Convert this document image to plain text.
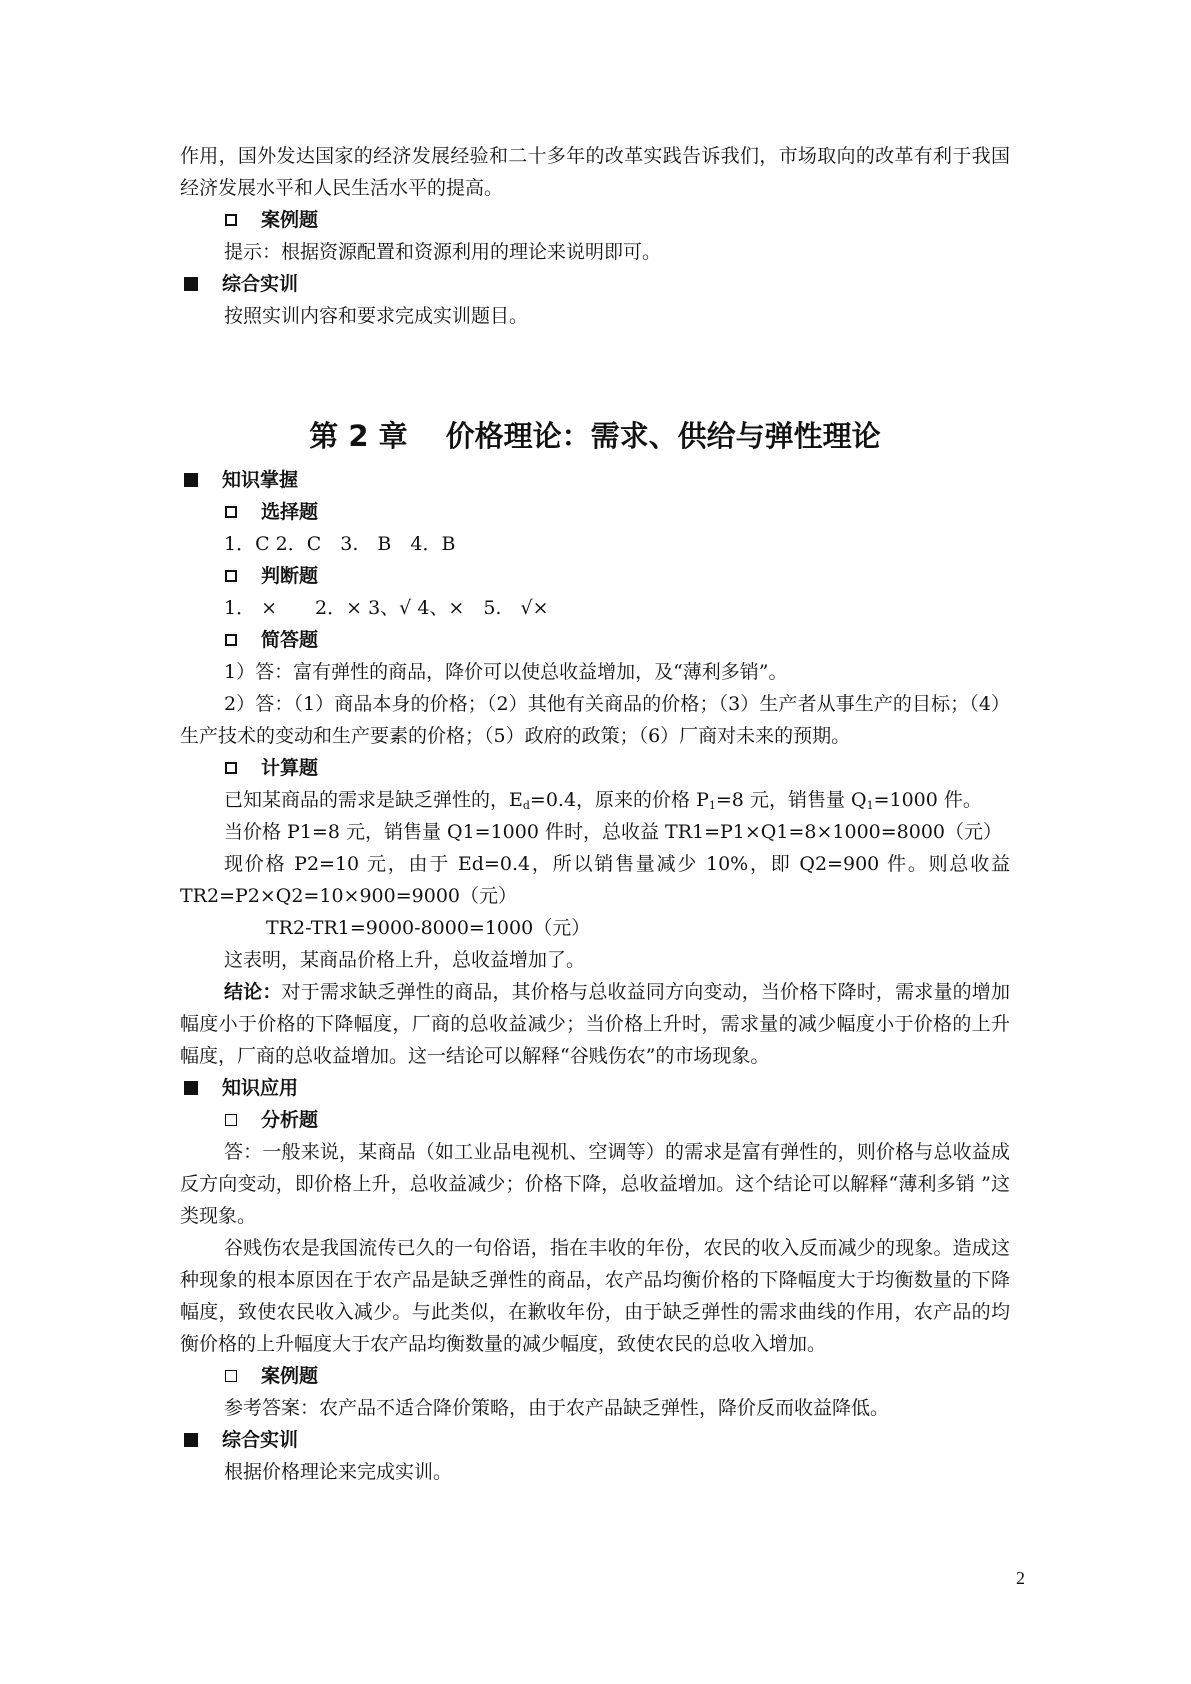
作用，国外发达国家的经济发展经验和二十多年的改革实践告诉我们，市场取向的改革有利于我国经济发展水平和人民生活水平的提高。

案例题

提示：根据资源配置和资源利用的理论来说明即可。

综合实训

按照实训内容和要求完成实训题目。

第 2 章 价格理论：需求、供给与弹性理论
知识掌握
选择题

1．C 2．C　3.　B　4．B

判断题

1． ×　　2．× 3、√ 4、×　5.　√×

简答题

1）答：富有弹性的商品，降价可以使总收益增加，及“薄利多销”。

2）答：（1）商品本身的价格；（2）其他有关商品的价格；（3）生产者从事生产的目标；（4）生产技术的变动和生产要素的价格；（5）政府的政策；（6）厂商对未来的预期。

计算题

已知某商品的需求是缺乏弹性的，$E_d=0.4$，原来的价格 $P_1=8$ 元，销售量 $Q_1=1000$ 件。

当价格 P1=8 元，销售量 Q1=1000 件时，总收益 TR1=P1×Q1=8×1000=8000（元）

现价格 P2=10 元，由于 Ed=0.4，所以销售量减少 10%，即 Q2=900 件。则总收益 TR2=P2×Q2=10×900=9000（元）

TR2-TR1=9000-8000=1000（元）

这表明，某商品价格上升，总收益增加了。

结论：对于需求缺乏弹性的商品，其价格与总收益同方向变动，当价格下降时，需求量的增加幅度小于价格的下降幅度，厂商的总收益减少；当价格上升时，需求量的减少幅度小于价格的上升幅度，厂商的总收益增加。这一结论可以解释“谷贱伤农”的市场现象。

知识应用
分析题

答：一般来说，某商品（如工业品电视机、空调等）的需求是富有弹性的，则价格与总收益成反方向变动，即价格上升，总收益减少；价格下降，总收益增加。这个结论可以解释“薄利多销 ”这类现象。

谷贱伤农是我国流传已久的一句俗语，指在丰收的年份，农民的收入反而减少的现象。造成这种现象的根本原因在于农产品是缺乏弹性的商品，农产品均衡价格的下降幅度大于均衡数量的下降幅度，致使农民收入减少。与此类似，在歉收年份，由于缺乏弹性的需求曲线的作用，农产品的均衡价格的上升幅度大于农产品均衡数量的减少幅度，致使农民的总收入增加。

案例题

参考答案：农产品不适合降价策略，由于农产品缺乏弹性，降价反而收益降低。

综合实训

根据价格理论来完成实训。

2
